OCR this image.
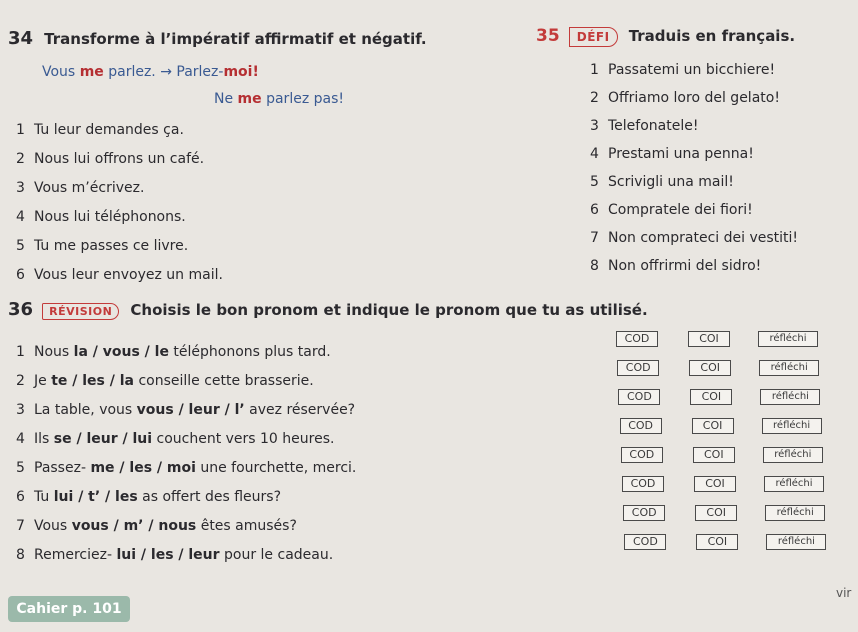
34 Transforme à l’impératif affirmatif et négatif.
Vous me parlez. → Parlez-moi!
Ne me parlez pas!
1 Tu leur demandes ça.
2 Nous lui offrons un café.
3 Vous m’écrivez.
4 Nous lui téléphonons.
5 Tu me passes ce livre.
6 Vous leur envoyez un mail.
35 DÉFI Traduis en français.
1 Passatemi un bicchiere!
2 Offriamo loro del gelato!
3 Telefonatele!
4 Prestami una penna!
5 Scrivigli una mail!
6 Compratele dei fiori!
7 Non comprateci dei vestiti!
8 Non offrirmi del sidro!
36 RÉVISION Choisis le bon pronom et indique le pronom que tu as utilisé.
1 Nous la / vous / le téléphonons plus tard.
COD	COI	réfléchi
2 Je te / les / la conseille cette brasserie.
COD	COI	réfléchi
3 La table, vous vous / leur / l’ avez réservée?
COD	COI	réfléchi
4 Ils se / leur / lui couchent vers 10 heures.
COD	COI	réfléchi
5 Passez- me / les / moi une fourchette, merci.
COD	COI	réfléchi
6 Tu lui / t’ / les as offert des fleurs?
COD	COI	réfléchi
7 Vous vous / m’ / nous êtes amusés?
COD	COI	réfléchi
8 Remerciez- lui / les / leur pour le cadeau.
COD	COI	réfléchi
Cahier p. 101
vir
